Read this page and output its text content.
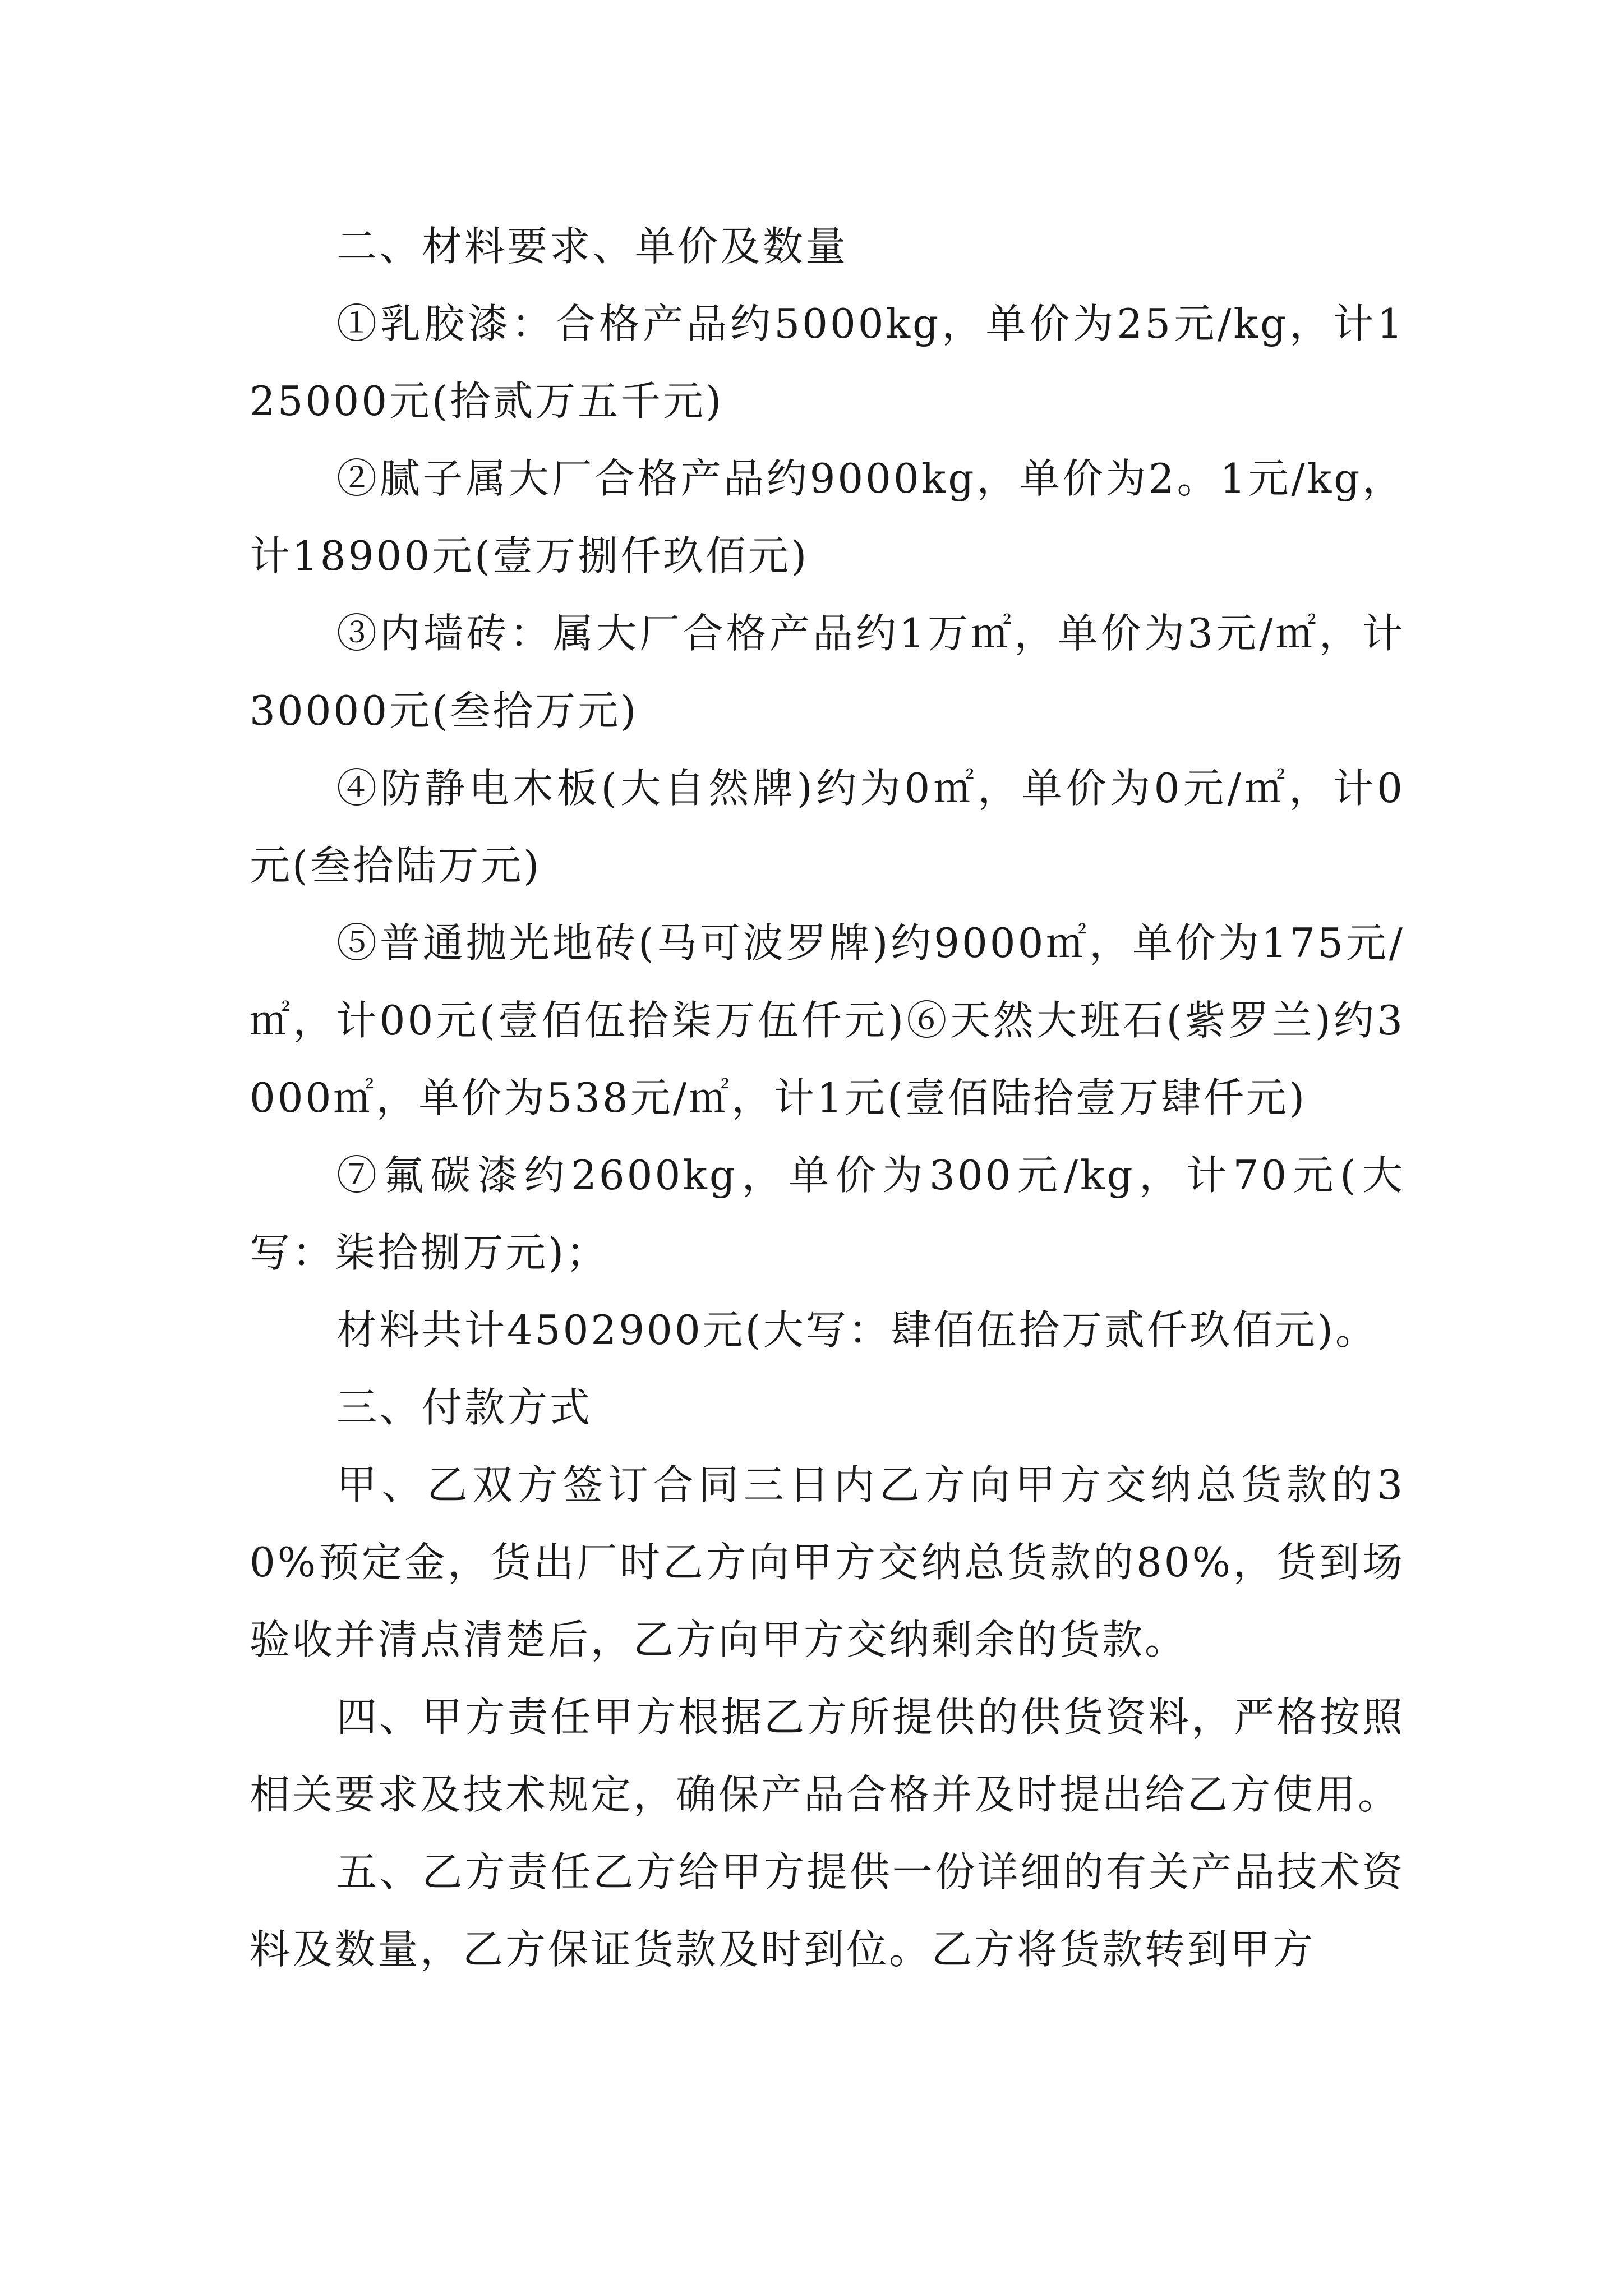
二、材料要求、单价及数量

①乳胶漆：合格产品约5000kg，单价为25元/kg，计125000元(拾贰万五千元)

②腻子属大厂合格产品约9000kg，单价为2。1元/kg，计18900元(壹万捌仟玖佰元)

③内墙砖：属大厂合格产品约1万㎡，单价为3元/㎡，计30000元(叁拾万元)

④防静电木板(大自然牌)约为0㎡，单价为0元/㎡，计0元(叁拾陆万元)

⑤普通抛光地砖(马可波罗牌)约9000㎡，单价为175元/㎡，计00元(壹佰伍拾柒万伍仟元)⑥天然大班石(紫罗兰)约3000㎡，单价为538元/㎡，计1元(壹佰陆拾壹万肆仟元)

⑦氟碳漆约2600kg，单价为300元/kg，计70元(大写：柒拾捌万元)；

材料共计4502900元(大写：肆佰伍拾万贰仟玖佰元)。

三、付款方式

甲、乙双方签订合同三日内乙方向甲方交纳总货款的30%预定金，货出厂时乙方向甲方交纳总货款的80%，货到场验收并清点清楚后，乙方向甲方交纳剩余的货款。

四、甲方责任甲方根据乙方所提供的供货资料，严格按照相关要求及技术规定，确保产品合格并及时提出给乙方使用。

五、乙方责任乙方给甲方提供一份详细的有关产品技术资料及数量，乙方保证货款及时到位。乙方将货款转到甲方
